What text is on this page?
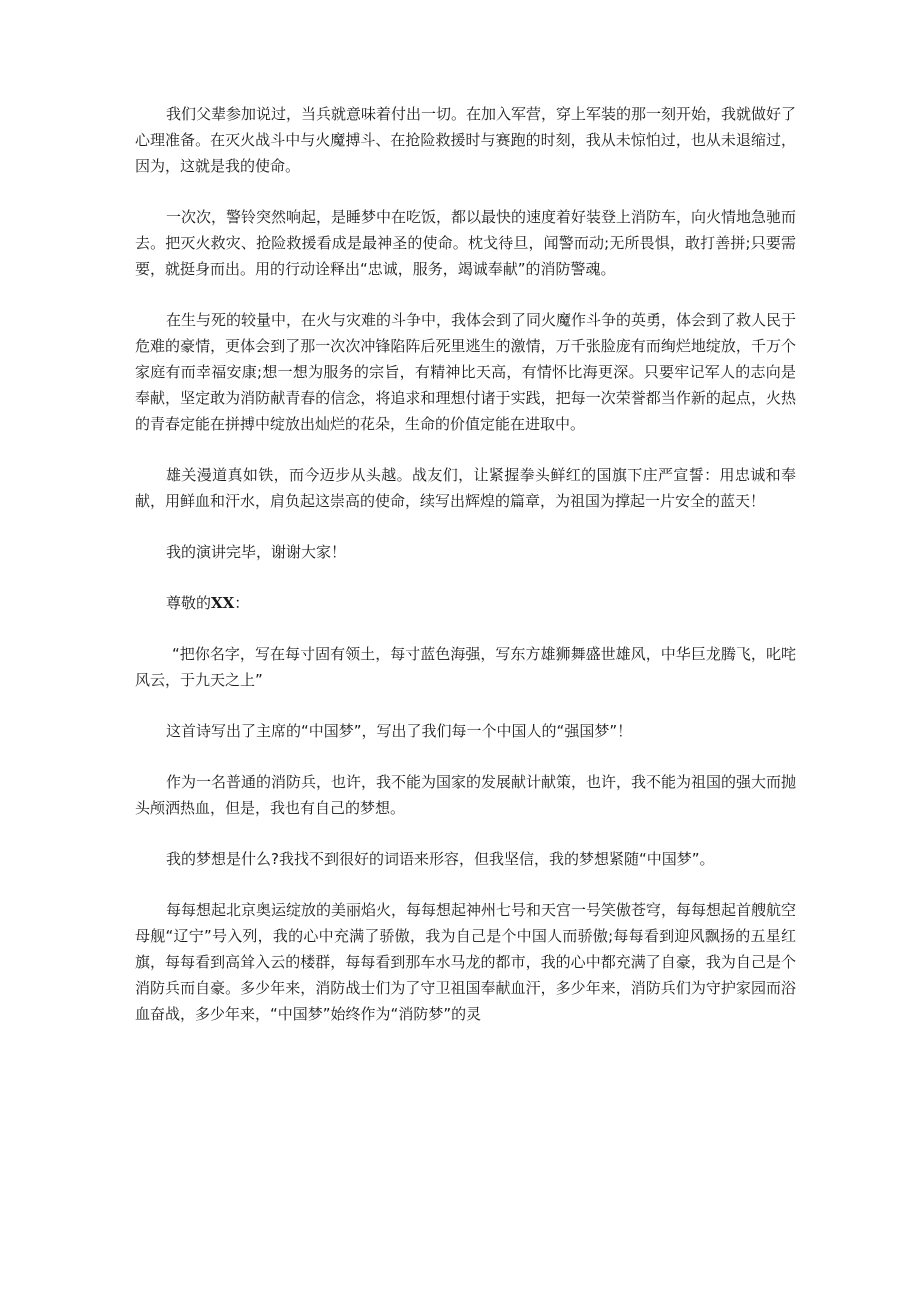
我们父辈参加说过，当兵就意味着付出一切。在加入军营，穿上军装的那一刻开始，我就做好了心理准备。在灭火战斗中与火魔搏斗、在抢险救援时与赛跑的时刻，我从未惊怕过，也从未退缩过，因为，这就是我的使命。

一次次，警铃突然响起，是睡梦中在吃饭，都以最快的速度着好装登上消防车，向火情地急驰而去。把灭火救灾、抢险救援看成是最神圣的使命。枕戈待旦，闻警而动;无所畏惧，敢打善拼;只要需要，就挺身而出。用的行动诠释出“忠诚，服务，竭诚奉献”的消防警魂。

在生与死的较量中，在火与灾难的斗争中，我体会到了同火魔作斗争的英勇，体会到了救人民于危难的豪情，更体会到了那一次次冲锋陷阵后死里逃生的激情，万千张脸庞有而绚烂地绽放，千万个家庭有而幸福安康;想一想为服务的宗旨，有精神比天高，有情怀比海更深。只要牢记军人的志向是奉献，坚定敢为消防献青春的信念，将追求和理想付诸于实践，把每一次荣誉都当作新的起点，火热的青春定能在拼搏中绽放出灿烂的花朵，生命的价值定能在进取中。

雄关漫道真如铁，而今迈步从头越。战友们，让紧握拳头鲜红的国旗下庄严宣誓：用忠诚和奉献，用鲜血和汗水，肩负起这崇高的使命，续写出辉煌的篇章，为祖国为撑起一片安全的蓝天！

我的演讲完毕，谢谢大家！

尊敬的XX：

“把你名字，写在每寸固有领土，每寸蓝色海强，写东方雄狮舞盛世雄风，中华巨龙腾飞，叱咤风云，于九天之上”

这首诗写出了主席的“中国梦”，写出了我们每一个中国人的“强国梦”！

作为一名普通的消防兵，也许，我不能为国家的发展献计献策，也许，我不能为祖国的强大而抛头颅洒热血，但是，我也有自己的梦想。

我的梦想是什么?我找不到很好的词语来形容，但我坚信，我的梦想紧随“中国梦”。

每每想起北京奥运绽放的美丽焰火，每每想起神州七号和天宫一号笑傲苍穹，每每想起首艘航空母舰“辽宁”号入列，我的心中充满了骄傲，我为自己是个中国人而骄傲;每每看到迎风飘扬的五星红旗，每每看到高耸入云的楼群，每每看到那车水马龙的都市，我的心中都充满了自豪，我为自己是个消防兵而自豪。多少年来，消防战士们为了守卫祖国奉献血汗，多少年来，消防兵们为守护家园而浴血奋战，多少年来，“中国梦”始终作为“消防梦”的灵
